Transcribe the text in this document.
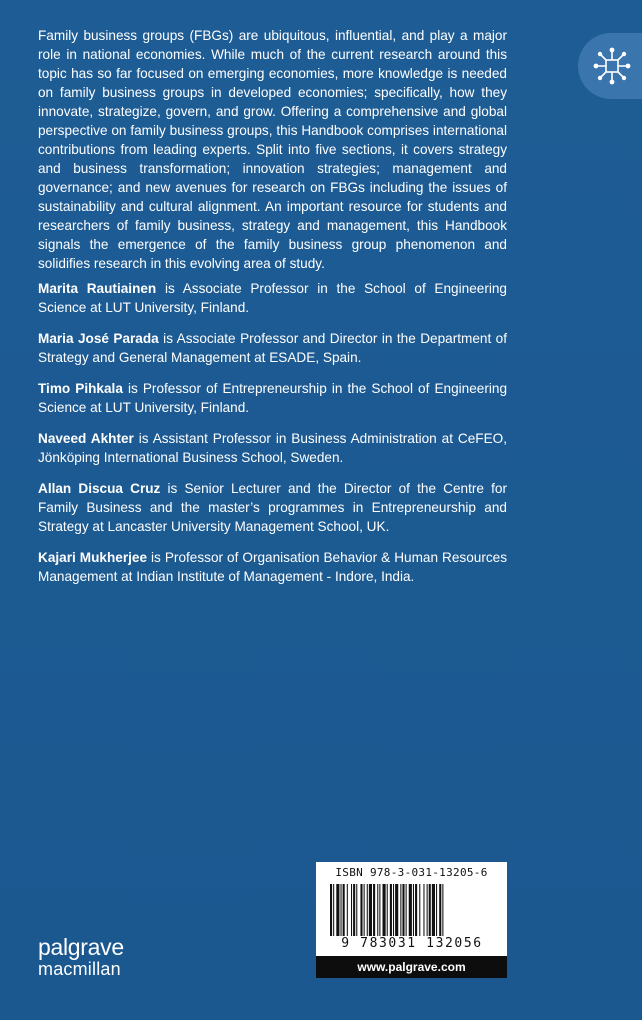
Family business groups (FBGs) are ubiquitous, influential, and play a major role in national economies. While much of the current research around this topic has so far focused on emerging economies, more knowledge is needed on family business groups in developed economies; specifically, how they innovate, strategize, govern, and grow. Offering a comprehensive and global perspective on family business groups, this Handbook comprises international contributions from leading experts. Split into five sections, it covers strategy and business transformation; innovation strategies; management and governance; and new avenues for research on FBGs including the issues of sustainability and cultural alignment. An important resource for students and researchers of family business, strategy and management, this Handbook signals the emergence of the family business group phenomenon and solidifies research in this evolving area of study.

Marita Rautiainen is Associate Professor in the School of Engineering Science at LUT University, Finland.

Maria José Parada is Associate Professor and Director in the Department of Strategy and General Management at ESADE, Spain.

Timo Pihkala is Professor of Entrepreneurship in the School of Engineering Science at LUT University, Finland.

Naveed Akhter is Assistant Professor in Business Administration at CeFEO, Jönköping International Business School, Sweden.

Allan Discua Cruz is Senior Lecturer and the Director of the Centre for Family Business and the master’s programmes in Entrepreneurship and Strategy at Lancaster University Management School, UK.

Kajari Mukherjee is Professor of Organisation Behavior & Human Resources Management at Indian Institute of Management - Indore, India.

ISBN 978-3-031-13205-6
9 783031 132056
www.palgrave.com
palgrave
macmillan
